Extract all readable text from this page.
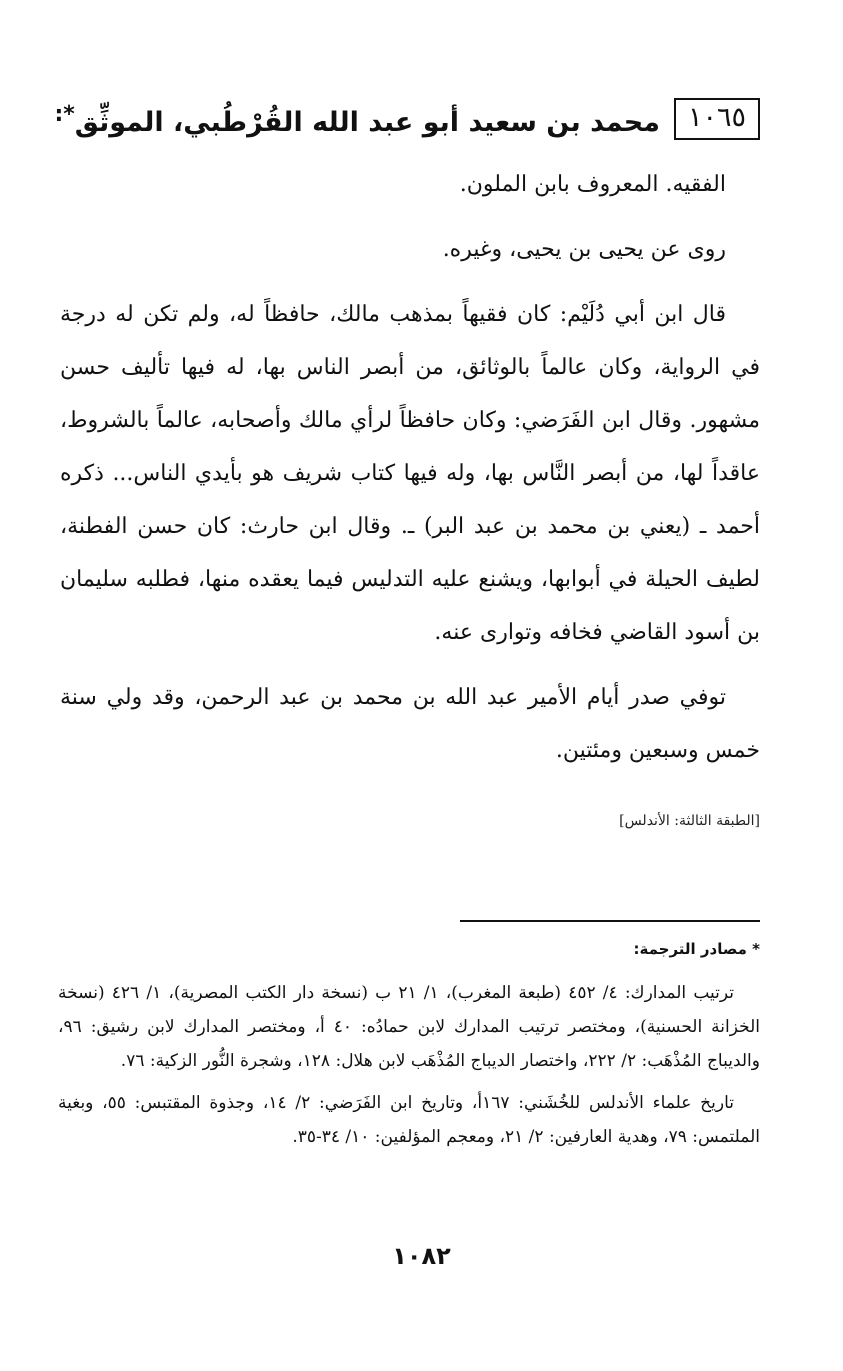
١٠٦٥
محمد بن سعيد أبو عبد الله القُرْطُبي، الموثِّق*:

الفقيه. المعروف بابن الملون.

روى عن يحيى بن يحيى، وغيره.

قال ابن أبي دُلَيْم: كان فقيهاً بمذهب مالك، حافظاً له، ولم تكن له درجة في الرواية، وكان عالماً بالوثائق، من أبصر الناس بها، له فيها تأليف حسن مشهور. وقال ابن الفَرَضي: وكان حافظاً لرأي مالك وأصحابه، عالماً بالشروط، عاقداً لها، من أبصر النَّاس بها، وله فيها كتاب شريف هو بأيدي الناس... ذكره أحمد ـ (يعني بن محمد بن عبد البر) ـ. وقال ابن حارث: كان حسن الفطنة، لطيف الحيلة في أبوابها، ويشنع عليه التدليس فيما يعقده منها، فطلبه سليمان بن أسود القاضي فخافه وتوارى عنه.

توفي صدر أيام الأمير عبد الله بن محمد بن عبد الرحمن، وقد ولي سنة خمس وسبعين ومئتين.

[الطبقة الثالثة: الأندلس]

* مصادر الترجمة:

ترتيب المدارك: ٤/ ٤٥٢ (طبعة المغرب)، ١/ ٢١ ب (نسخة دار الكتب المصرية)، ١/ ٤٢٦ (نسخة الخزانة الحسنية)، ومختصر ترتيب المدارك لابن حمادُه: ٤٠ أ، ومختصر المدارك لابن رشيق: ٩٦، والديباج المُذْهَب: ٢/ ٢٢٢، واختصار الديباج المُذْهَب لابن هلال: ١٢٨، وشجرة النُّور الزكية: ٧٦.

تاريخ علماء الأندلس للخُشَني: ١٦٧أ، وتاريخ ابن الفَرَضي: ٢/ ١٤، وجذوة المقتبس: ٥٥، وبغية الملتمس: ٧٩، وهدية العارفين: ٢/ ٢١، ومعجم المؤلفين: ١٠/ ٣٤-٣٥.

١٠٨٢
